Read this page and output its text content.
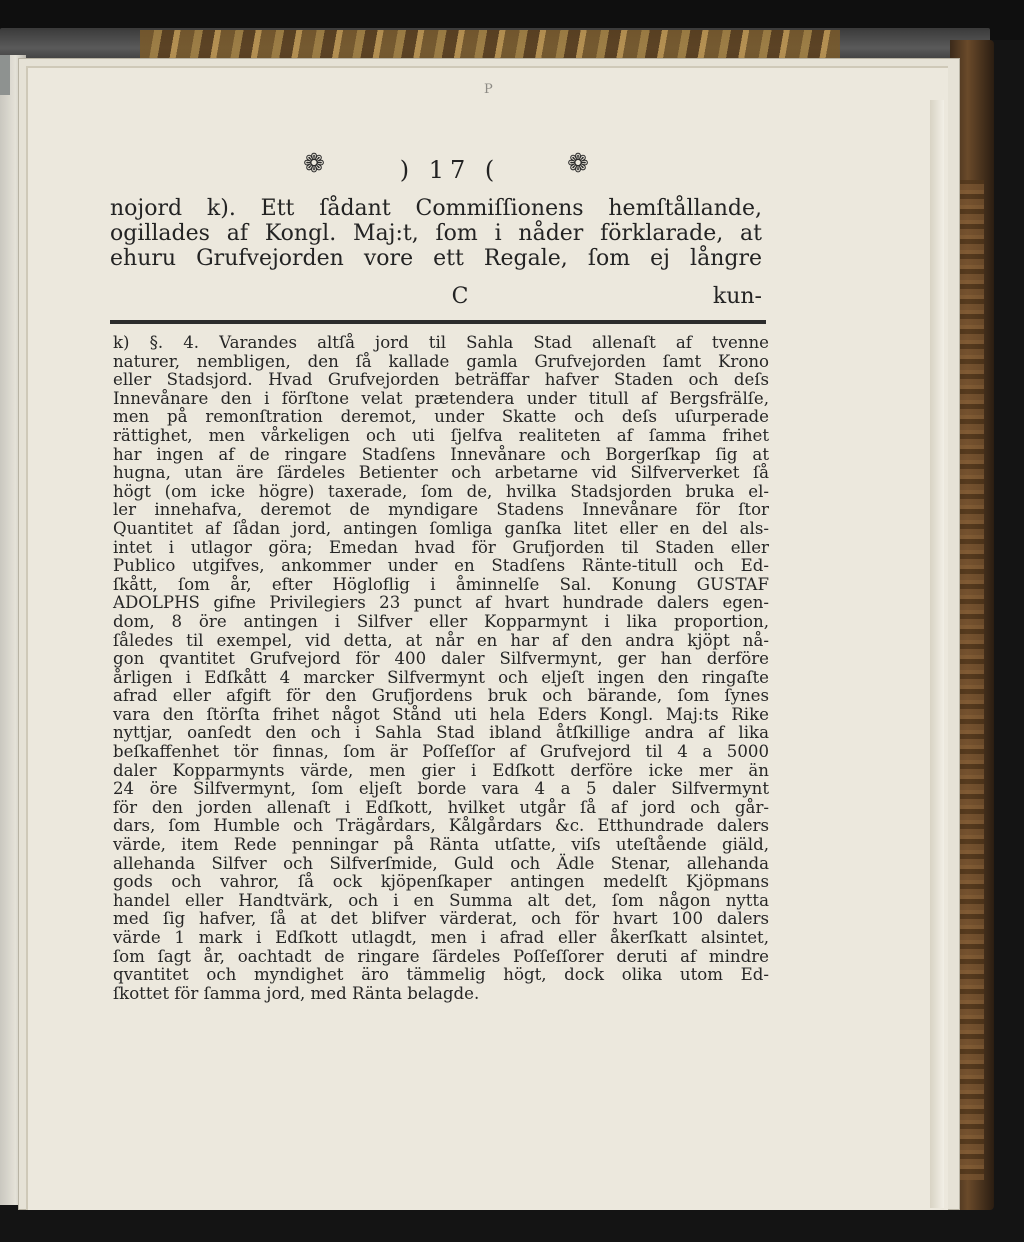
P
❁	) 17 (	❁
nojord k). Ett ſådant Commiſſionens hemſtållande,
ogillades af Kongl. Maj:t, ſom i nåder förklarade, at
ehuru Grufvejorden vore ett Regale, ſom ej långre
C	kun-
k) §. 4. Varandes altſå jord til Sahla Stad allenaſt af tvenne
naturer, nembligen, den ſå kallade gamla Grufvejorden ſamt Krono
eller Stadsjord. Hvad Grufvejorden beträffar hafver Staden och deſs
Innevånare den i förſtone velat prætendera under titull af Bergsfrälſe,
men på remonſtration deremot, under Skatte och deſs uſurperade
rättighet, men vårkeligen och uti ſjelfva realiteten af ſamma frihet
har ingen af de ringare Stadſens Innevånare och Borgerſkap ſig at
hugna, utan äre ſärdeles Betienter och arbetarne vid Silfververket ſå
högt (om icke högre) taxerade, ſom de, hvilka Stadsjorden bruka el-
ler innehafva, deremot de myndigare Stadens Innevånare för ſtor
Quantitet af ſådan jord, antingen ſomliga ganſka litet eller en del als-
intet i utlagor göra; Emedan hvad för Grufjorden til Staden eller
Publico utgifves, ankommer under en Stadſens Ränte-titull och Ed-
ſkått, ſom år, efter Högloflig i åminnelſe Sal. Konung GUSTAF
ADOLPHS gifne Privilegiers 23 punct af hvart hundrade dalers egen-
dom, 8 öre antingen i Silfver eller Kopparmynt i lika proportion,
ſåledes til exempel, vid detta, at når en har af den andra kjöpt nå-
gon qvantitet Grufvejord för 400 daler Silfvermynt, ger han derföre
årligen i Edſkått 4 marcker Silfvermynt och eljeſt ingen den ringaſte
afrad eller afgift för den Grufjordens bruk och bärande, ſom ſynes
vara den ſtörſta frihet något Stånd uti hela Eders Kongl. Maj:ts Rike
nyttjar, oanſedt den och i Sahla Stad ibland åtſkillige andra af lika
beſkaffenhet tör finnas, ſom är Poſſeſſor af Grufvejord til 4 a 5000
daler Kopparmynts värde, men gier i Edſkott derföre icke mer än
24 öre Silfvermynt, ſom eljeſt borde vara 4 a 5 daler Silfvermynt
för den jorden allenaſt i Edſkott, hvilket utgår ſå af jord och går-
dars, ſom Humble och Trägårdars, Kålgårdars &c. Etthundrade dalers
värde, item Rede penningar på Ränta utſatte, viſs uteſtående giäld,
allehanda Silfver och Silfverſmide, Guld och Ädle Stenar, allehanda
gods och vahror, ſå ock kjöpenſkaper antingen medelſt Kjöpmans
handel eller Handtvärk, och i en Summa alt det, ſom någon nytta
med ſig hafver, ſå at det blifver värderat, och för hvart 100 dalers
värde 1 mark i Edſkott utlagdt, men i afrad eller åkerſkatt alsintet,
ſom ſagt år, oachtadt de ringare ſärdeles Poſſeſſorer deruti af mindre
qvantitet och myndighet äro tämmelig högt, dock olika utom Ed-
ſkottet för ſamma jord, med Ränta belagde.
